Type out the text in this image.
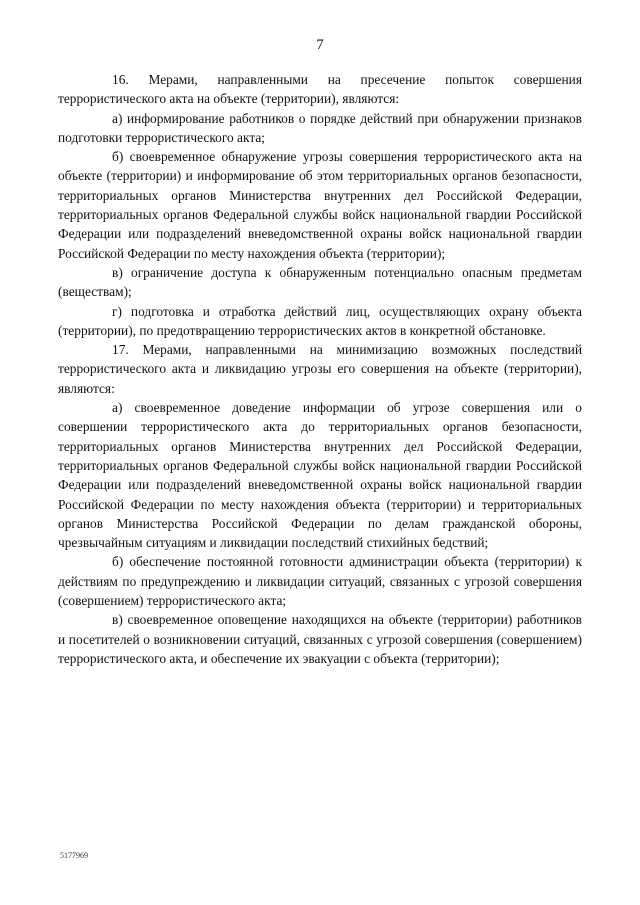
7

16. Мерами, направленными на пресечение попыток совершения террористического акта на объекте (территории), являются:

а) информирование работников о порядке действий при обнаружении признаков подготовки террористического акта;

б) своевременное обнаружение угрозы совершения террористического акта на объекте (территории) и информирование об этом территориальных органов безопасности, территориальных органов Министерства внутренних дел Российской Федерации, территориальных органов Федеральной службы войск национальной гвардии Российской Федерации или подразделений вневедомственной охраны войск национальной гвардии Российской Федерации по месту нахождения объекта (территории);

в) ограничение доступа к обнаруженным потенциально опасным предметам (веществам);

г) подготовка и отработка действий лиц, осуществляющих охрану объекта (территории), по предотвращению террористических актов в конкретной обстановке.

17. Мерами, направленными на минимизацию возможных последствий террористического акта и ликвидацию угрозы его совершения на объекте (территории), являются:

а) своевременное доведение информации об угрозе совершения или о совершении террористического акта до территориальных органов безопасности, территориальных органов Министерства внутренних дел Российской Федерации, территориальных органов Федеральной службы войск национальной гвардии Российской Федерации или подразделений вневедомственной охраны войск национальной гвардии Российской Федерации по месту нахождения объекта (территории) и территориальных органов Министерства Российской Федерации по делам гражданской обороны, чрезвычайным ситуациям и ликвидации последствий стихийных бедствий;

б) обеспечение постоянной готовности администрации объекта (территории) к действиям по предупреждению и ликвидации ситуаций, связанных с угрозой совершения (совершением) террористического акта;

в) своевременное оповещение находящихся на объекте (территории) работников и посетителей о возникновении ситуаций, связанных с угрозой совершения (совершением) террористического акта, и обеспечение их эвакуации с объекта (территории);

5177969
